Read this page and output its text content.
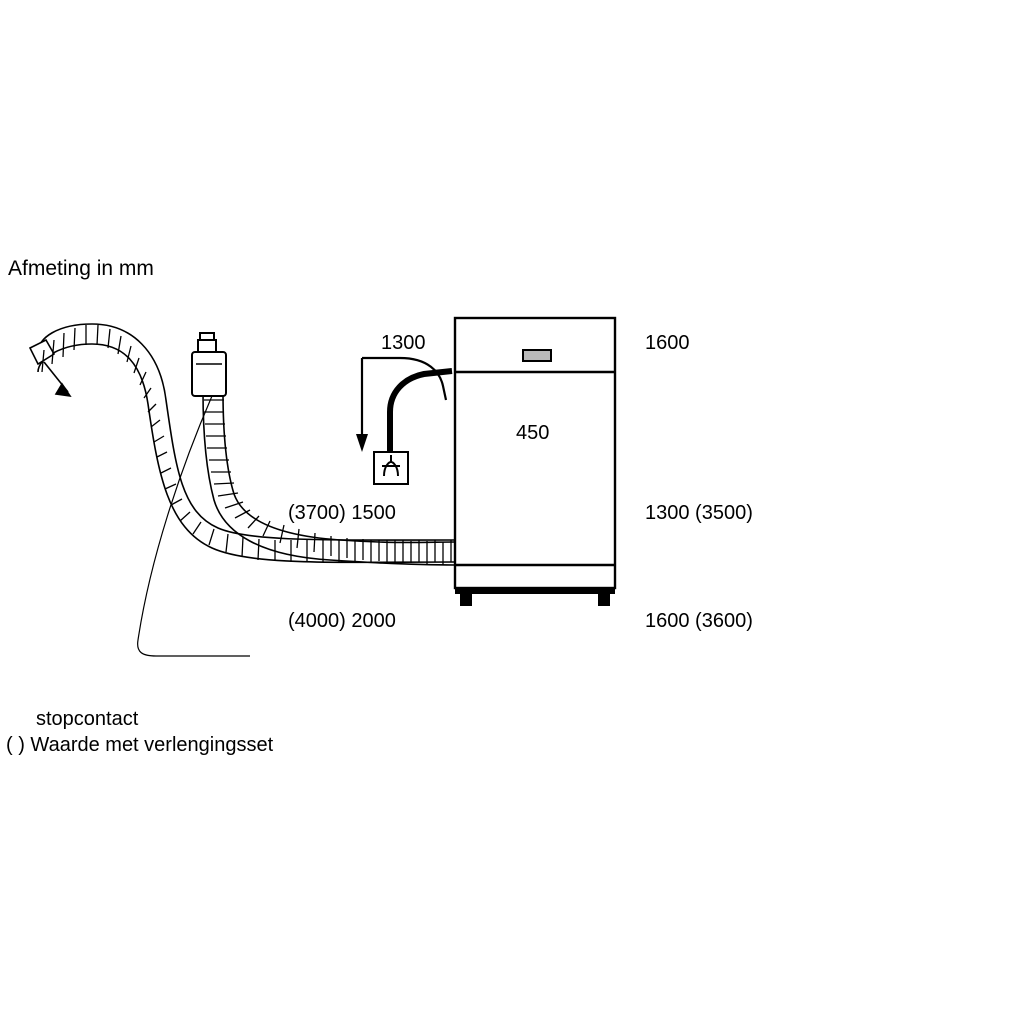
Afmeting in mm
1300	1600
450
(3700) 1500	1300 (3500)
(4000) 2000	1600 (3600)
stopcontact
( ) Waarde met verlengingsset
